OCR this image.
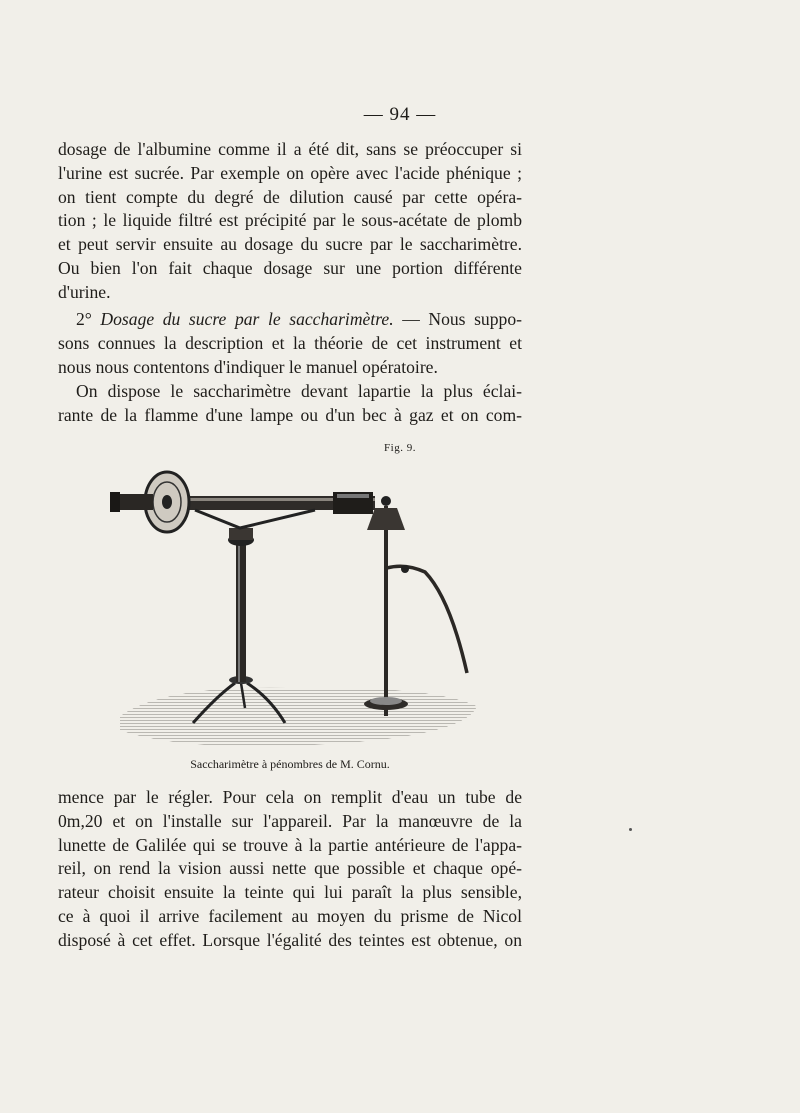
— 94 —

dosage de l'albumine comme il a été dit, sans se préoccuper si

l'urine est sucrée. Par exemple on opère avec l'acide phénique ;

on tient compte du degré de dilution causé par cette opéra-

tion ; le liquide filtré est précipité par le sous-acétate de plomb

et peut servir ensuite au dosage du sucre par le saccharimètre.

Ou bien l'on fait chaque dosage sur une portion différente

d'urine.

2° Dosage du sucre par le saccharimètre. — Nous suppo-

sons connues la description et la théorie de cet instrument et

nous nous contentons d'indiquer le manuel opératoire.

On dispose le saccharimètre devant lapartie la plus éclai-

rante de la flamme d'une lampe ou d'un bec à gaz et on com-

Fig. 9.
Saccharimètre à pénombres de M. Cornu.

mence par le régler. Pour cela on remplit d'eau un tube de

0m,20 et on l'installe sur l'appareil. Par la manœuvre de la

lunette de Galilée qui se trouve à la partie antérieure de l'appa-

reil, on rend la vision aussi nette que possible et chaque opé-

rateur choisit ensuite la teinte qui lui paraît la plus sensible,

ce à quoi il arrive facilement au moyen du prisme de Nicol

disposé à cet effet. Lorsque l'égalité des teintes est obtenue, on
